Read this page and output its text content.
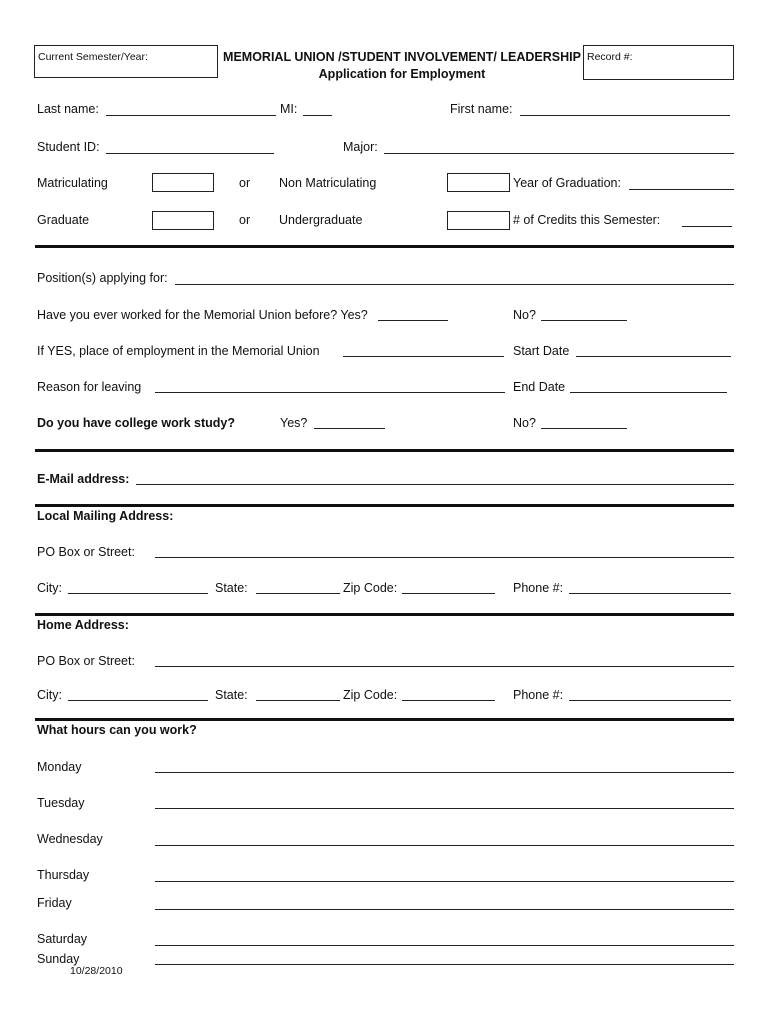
Current Semester/Year:	MEMORIAL UNION /STUDENT INVOLVEMENT/ LEADERSHIP
Application for Employment
Record #:
Last name:	MI:	First name:
Student ID:	Major:
Matriculating	or Non Matriculating	Year of Graduation:
Graduate	or Undergraduate	# of Credits this Semester:
Position(s) applying for:
Have you ever worked for the Memorial Union before? Yes?	No?
If YES, place of employment in the Memorial Union	Start Date
Reason for leaving	End Date
Do you have college work study?	Yes?	No?
E-Mail address:
Local Mailing Address:
PO Box or Street:
City:	State:	Zip Code:	Phone #:
Home Address:
PO Box or Street:
City:	State:	Zip Code:	Phone #:
What hours can you work?
Monday
Tuesday
Wednesday
Thursday
Friday
Saturday
Sunday
10/28/2010
